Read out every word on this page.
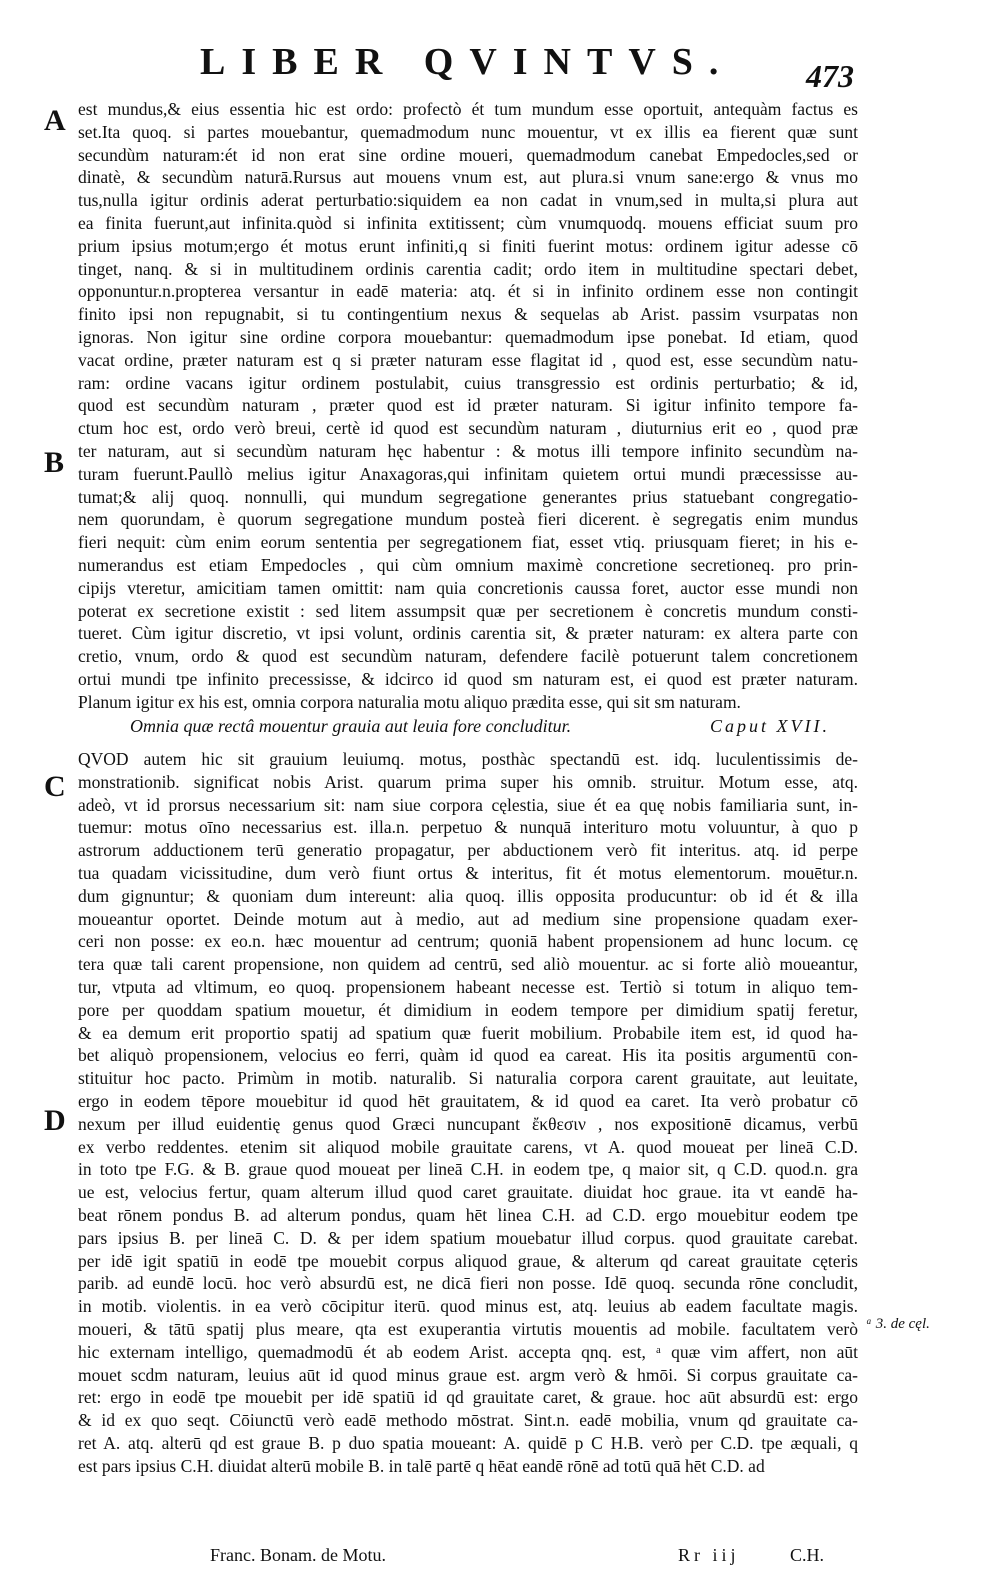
LIBER QVINTVS. 473
A
B
C
D
est mundus,& eius essentia hic est ordo: profectò ét tum mundum esse oportuit, antequàm factus es
set.Ita quoq. si partes mouebantur, quemadmodum nunc mouentur, vt ex illis ea fierent quæ sunt
secundùm naturam:ét id non erat sine ordine moueri, quemadmodum canebat Empedocles,sed or
dinatè, & secundùm naturā.Rursus aut mouens vnum est, aut plura.si vnum sane:ergo & vnus mo
tus,nulla igitur ordinis aderat perturbatio:siquidem ea non cadat in vnum,sed in multa,si plura aut
ea finita fuerunt,aut infinita.quòd si infinita extitissent; cùm vnumquodq. mouens efficiat suum pro
prium ipsius motum;ergo ét motus erunt infiniti,q si finiti fuerint motus: ordinem igitur adesse cō
tinget, nanq. & si in multitudinem ordinis carentia cadit; ordo item in multitudine spectari debet,
opponuntur.n.propterea versantur in eadē materia: atq. ét si in infinito ordinem esse non contingit
finito ipsi non repugnabit, si tu contingentium nexus & sequelas ab Arist. passim vsurpatas non
ignoras. Non igitur sine ordine corpora mouebantur: quemadmodum ipse ponebat. Id etiam, quod
vacat ordine, præter naturam est q si præter naturam esse flagitat id , quod est, esse secundùm natu-
ram: ordine vacans igitur ordinem postulabit, cuius transgressio est ordinis perturbatio; & id,
quod est secundùm naturam , præter quod est id præter naturam. Si igitur infinito tempore fa-
ctum hoc est, ordo verò breui, certè id quod est secundùm naturam , diuturnius erit eo , quod præ
ter naturam, aut si secundùm naturam hęc habentur : & motus illi tempore infinito secundùm na-
turam fuerunt.Paullò melius igitur Anaxagoras,qui infinitam quietem ortui mundi præcessisse au-
tumat;& alij quoq. nonnulli, qui mundum segregatione generantes prius statuebant congregatio-
nem quorundam, è quorum segregatione mundum posteà fieri dicerent. è segregatis enim mundus
fieri nequit: cùm enim eorum sententia per segregationem fiat, esset vtiq. priusquam fieret; in his e-
numerandus est etiam Empedocles , qui cùm omnium maximè concretione secretioneq. pro prin-
cipijs vteretur, amicitiam tamen omittit: nam quia concretionis caussa foret, auctor esse mundi non
poterat ex secretione existit : sed litem assumpsit quæ per secretionem è concretis mundum consti-
tueret. Cùm igitur discretio, vt ipsi volunt, ordinis carentia sit, & præter naturam: ex altera parte con
cretio, vnum, ordo & quod est secundùm naturam, defendere facilè potuerunt talem concretionem
ortui mundi tpe infinito precessisse, & idcirco id quod sm naturam est, ei quod est præter naturam.
Planum igitur ex his est, omnia corpora naturalia motu aliquo prædita esse, qui sit sm naturam.
Omnia quæ rectâ mouentur grauia aut leuia fore concluditur.	Caput XVII.
QVOD autem hic sit grauium leuiumq. motus, posthàc spectandū est. idq. luculentissimis de-
monstrationib. significat nobis Arist. quarum prima super his omnib. struitur. Motum esse, atq.
adeò, vt id prorsus necessarium sit: nam siue corpora cęlestia, siue ét ea quę nobis familiaria sunt, in-
tuemur: motus oīno necessarius est. illa.n. perpetuo & nunquā interituro motu voluuntur, à quo p
astrorum adductionem terū generatio propagatur, per abductionem verò fit interitus. atq. id perpe
tua quadam vicissitudine, dum verò fiunt ortus & interitus, fit ét motus elementorum. mouētur.n.
dum gignuntur; & quoniam dum intereunt: alia quoq. illis opposita producuntur: ob id ét & illa
moueantur oportet. Deinde motum aut à medio, aut ad medium sine propensione quadam exer-
ceri non posse: ex eo.n. hæc mouentur ad centrum; quoniā habent propensionem ad hunc locum. cę
tera quæ tali carent propensione, non quidem ad centrū, sed aliò mouentur. ac si forte aliò moueantur,
tur, vtputa ad vltimum, eo quoq. propensionem habeant necesse est. Tertiò si totum in aliquo tem-
pore per quoddam spatium mouetur, ét dimidium in eodem tempore per dimidium spatij feretur,
& ea demum erit proportio spatij ad spatium quæ fuerit mobilium. Probabile item est, id quod ha-
bet aliquò propensionem, velocius eo ferri, quàm id quod ea careat. His ita positis argumentū con-
stituitur hoc pacto. Primùm in motib. naturalib. Si naturalia corpora carent grauitate, aut leuitate,
ergo in eodem tēpore mouebitur id quod hēt grauitatem, & id quod ea caret. Ita verò probatur cō
nexum per illud euidentię genus quod Græci nuncupant ἔκθεσιν , nos expositionē dicamus, verbū
ex verbo reddentes. etenim sit aliquod mobile grauitate carens, vt A. quod moueat per lineā C.D.
in toto tpe F.G. & B. graue quod moueat per lineā C.H. in eodem tpe, q maior sit, q C.D. quod.n. gra
ue est, velocius fertur, quam alterum illud quod caret grauitate. diuidat hoc graue. ita vt eandē ha-
beat rōnem pondus B. ad alterum pondus, quam hēt linea C.H. ad C.D. ergo mouebitur eodem tpe
pars ipsius B. per lineā C. D. & per idem spatium mouebatur illud corpus. quod grauitate carebat.
per idē igit spatiū in eodē tpe mouebit corpus aliquod graue, & alterum qd careat grauitate cęteris
parib. ad eundē locū. hoc verò absurdū est, ne dicā fieri non posse. Idē quoq. secunda rōne concludit,
in motib. violentis. in ea verò cōcipitur iterū. quod minus est, atq. leuius ab eadem facultate magis.
moueri, & tātū spatij plus meare, qta est exuperantia virtutis mouentis ad mobile. facultatem verò
hic externam intelligo, quemadmodū ét ab eodem Arist. accepta qnq. est, ᵃ quæ vim affert, non aūt
mouet scdm naturam, leuius aūt id quod minus graue est. argm verò & hmōi. Si corpus grauitate ca-
ret: ergo in eodē tpe mouebit per idē spatiū id qd grauitate caret, & graue. hoc aūt absurdū est: ergo
& id ex quo seqt. Cōiunctū verò eadē methodo mōstrat. Sint.n. eadē mobilia, vnum qd grauitate ca-
ret A. atq. alterū qd est graue B. p duo spatia moueant: A. quidē p C H.B. verò per C.D. tpe æquali, q
est pars ipsius C.H. diuidat alterū mobile B. in talē partē q hēat eandē rōnē ad totū quā hēt C.D. ad
ᵃ 3. de cęl.
Franc. Bonam. de Motu.	Rr iij	C.H.
